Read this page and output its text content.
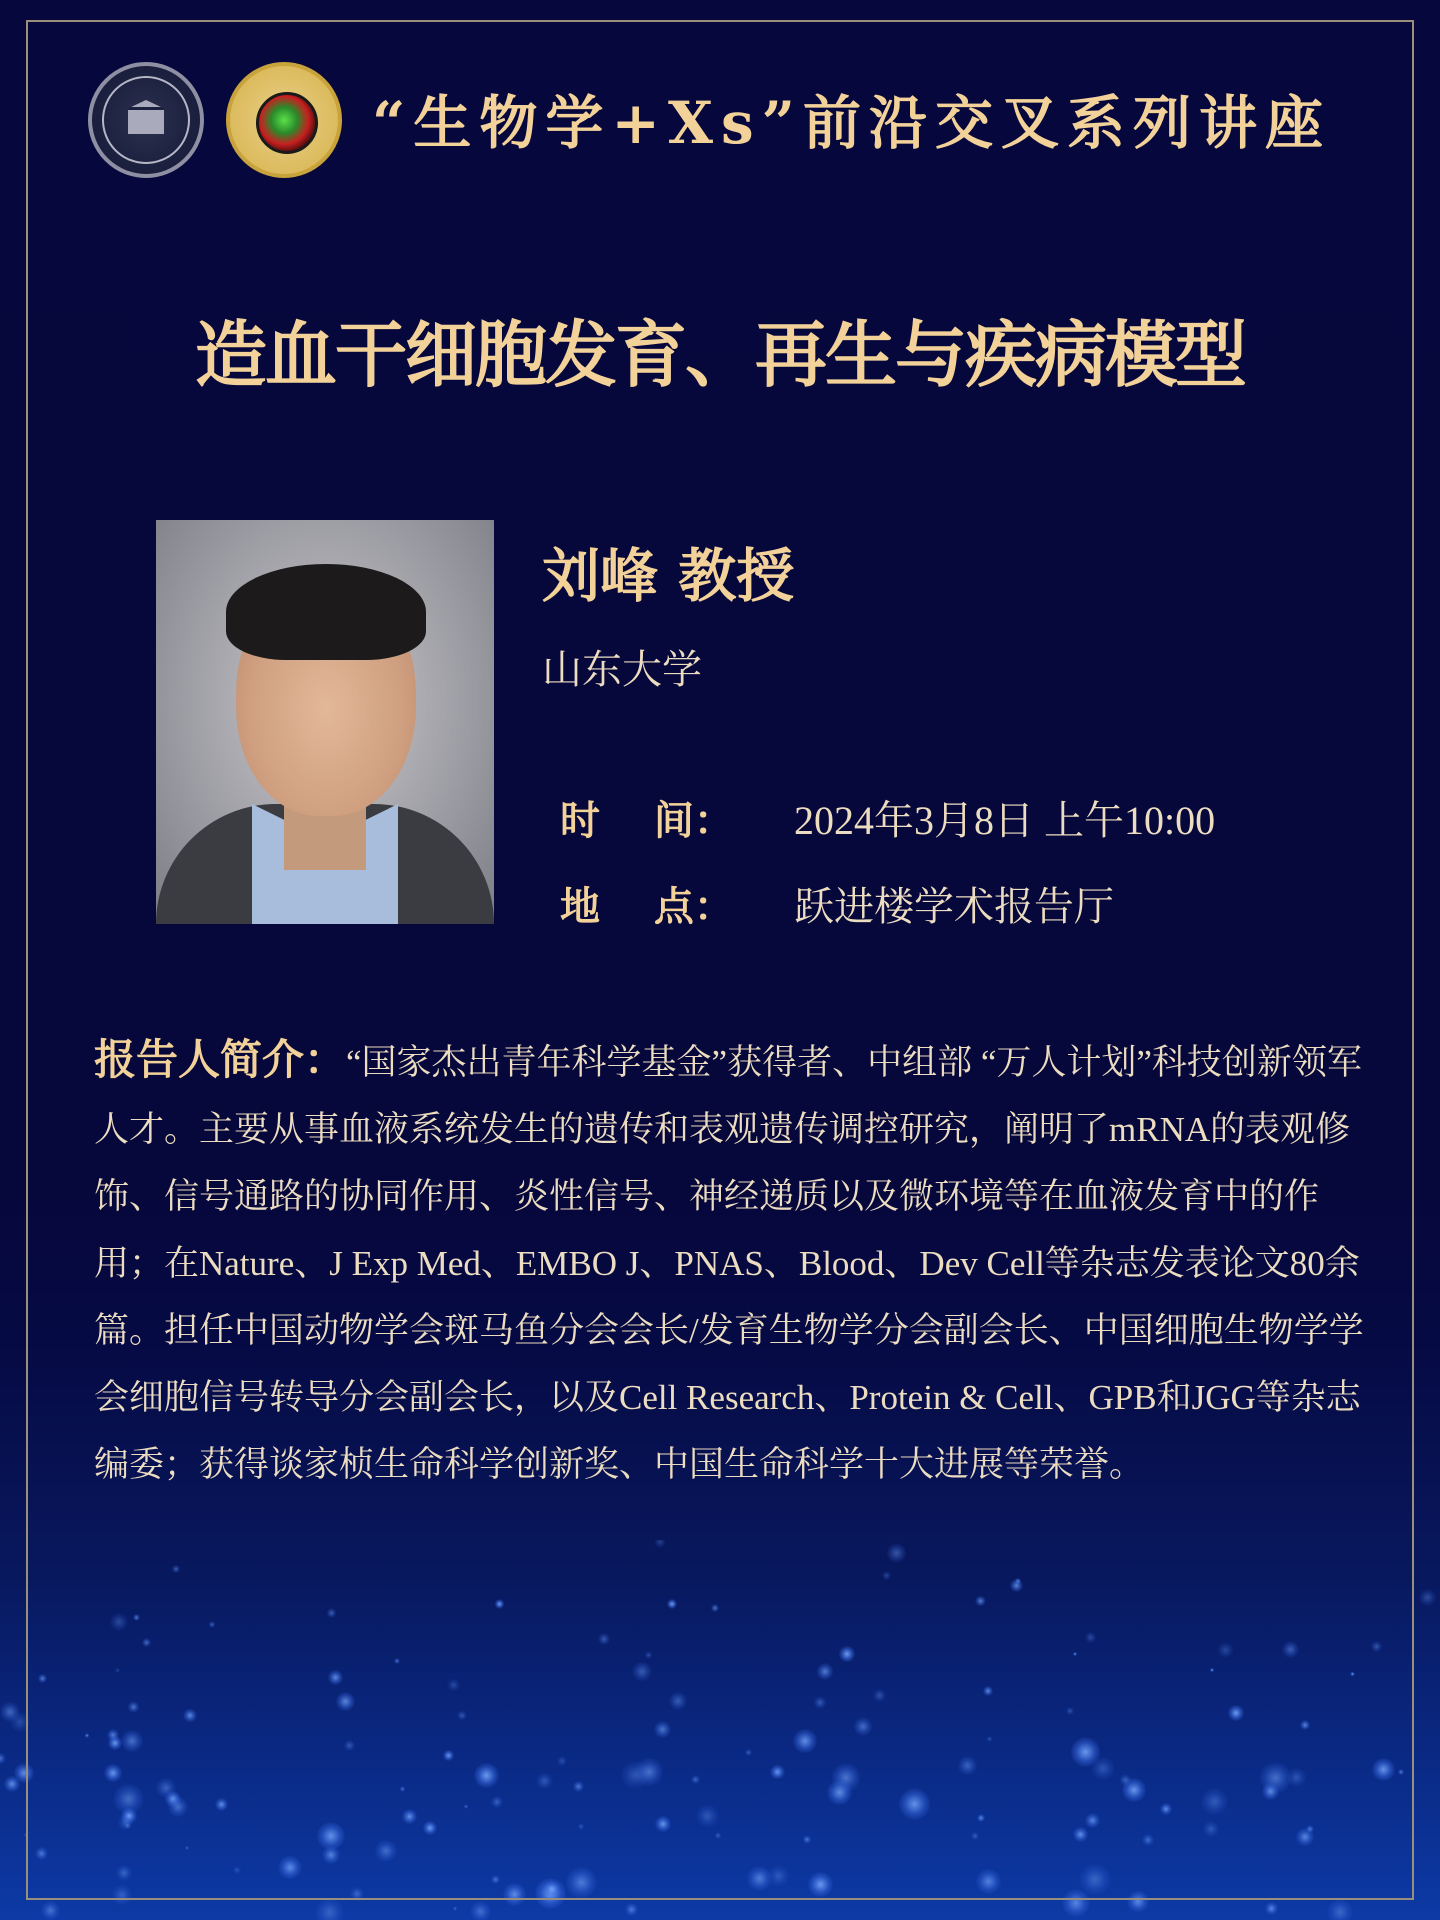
“生物学+Xs”前沿交叉系列讲座
造血干细胞发育、再生与疾病模型
刘峰 教授
山东大学
时　 间： 2024年3月8日 上午10:00
地　 点： 跃进楼学术报告厅
报告人简介：“国家杰出青年科学基金”获得者、中组部 “万人计划”科技创新领军人才。主要从事血液系统发生的遗传和表观遗传调控研究，阐明了mRNA的表观修饰、信号通路的协同作用、炎性信号、神经递质以及微环境等在血液发育中的作用；在Nature、J Exp Med、EMBO J、PNAS、Blood、Dev Cell等杂志发表论文80余篇。担任中国动物学会斑马鱼分会会长/发育生物学分会副会长、中国细胞生物学学会细胞信号转导分会副会长，以及Cell Research、Protein & Cell、GPB和JGG等杂志编委；获得谈家桢生命科学创新奖、中国生命科学十大进展等荣誉。
